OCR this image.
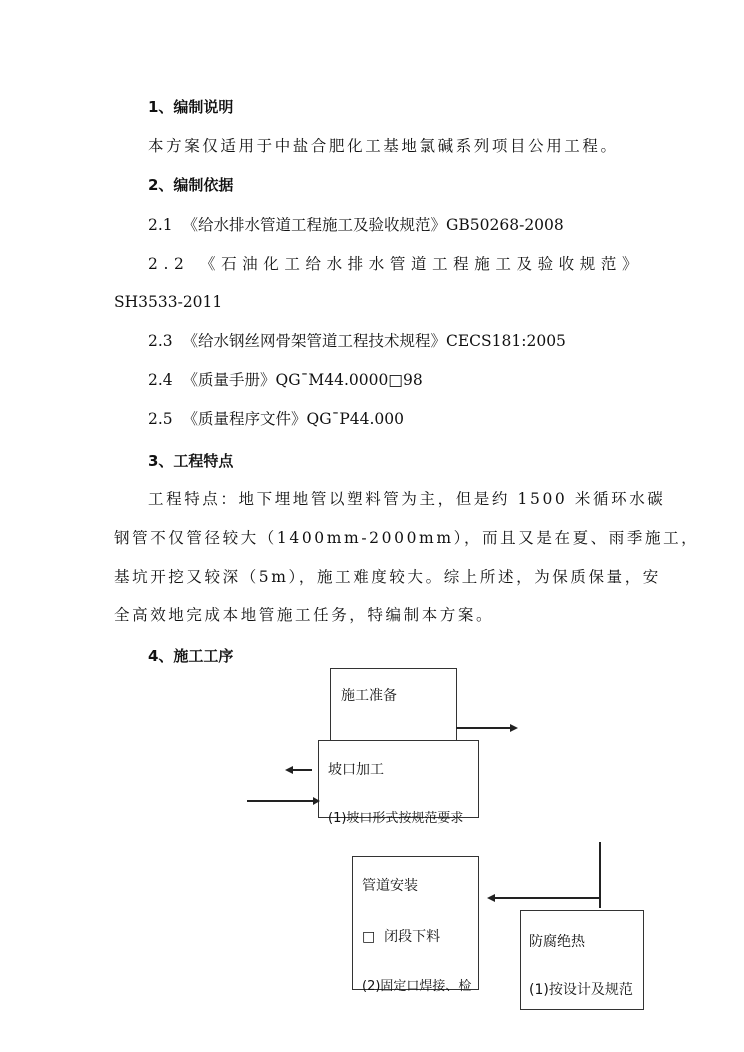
1、编制说明
本方案仅适用于中盐合肥化工基地氯碱系列项目公用工程。
2、编制依据
2.1  《给水排水管道工程施工及验收规范》GB50268-2008
2.2 《石油化工给水排水管道工程施工及验收规范》
SH3533-2011
2.3  《给水钢丝网骨架管道工程技术规程》CECS181:2005
2.4  《质量手册》QG¯M44.0000□98
2.5  《质量程序文件》QG¯P44.000
3、工程特点
工程特点：地下埋地管以塑料管为主，但是约 1500 米循环水碳
钢管不仅管径较大（1400mm-2000mm），而且又是在夏、雨季施工，
基坑开挖又较深（5m），施工难度较大。综上所述，为保质保量，安
全高效地完成本地管施工任务，特编制本方案。
4、施工工序
施工准备
坡口加工
(1)坡口形式按规范要求
管道安装
□  闭段下料
(2)固定口焊接、检
防腐绝热
(1)按设计及规范
